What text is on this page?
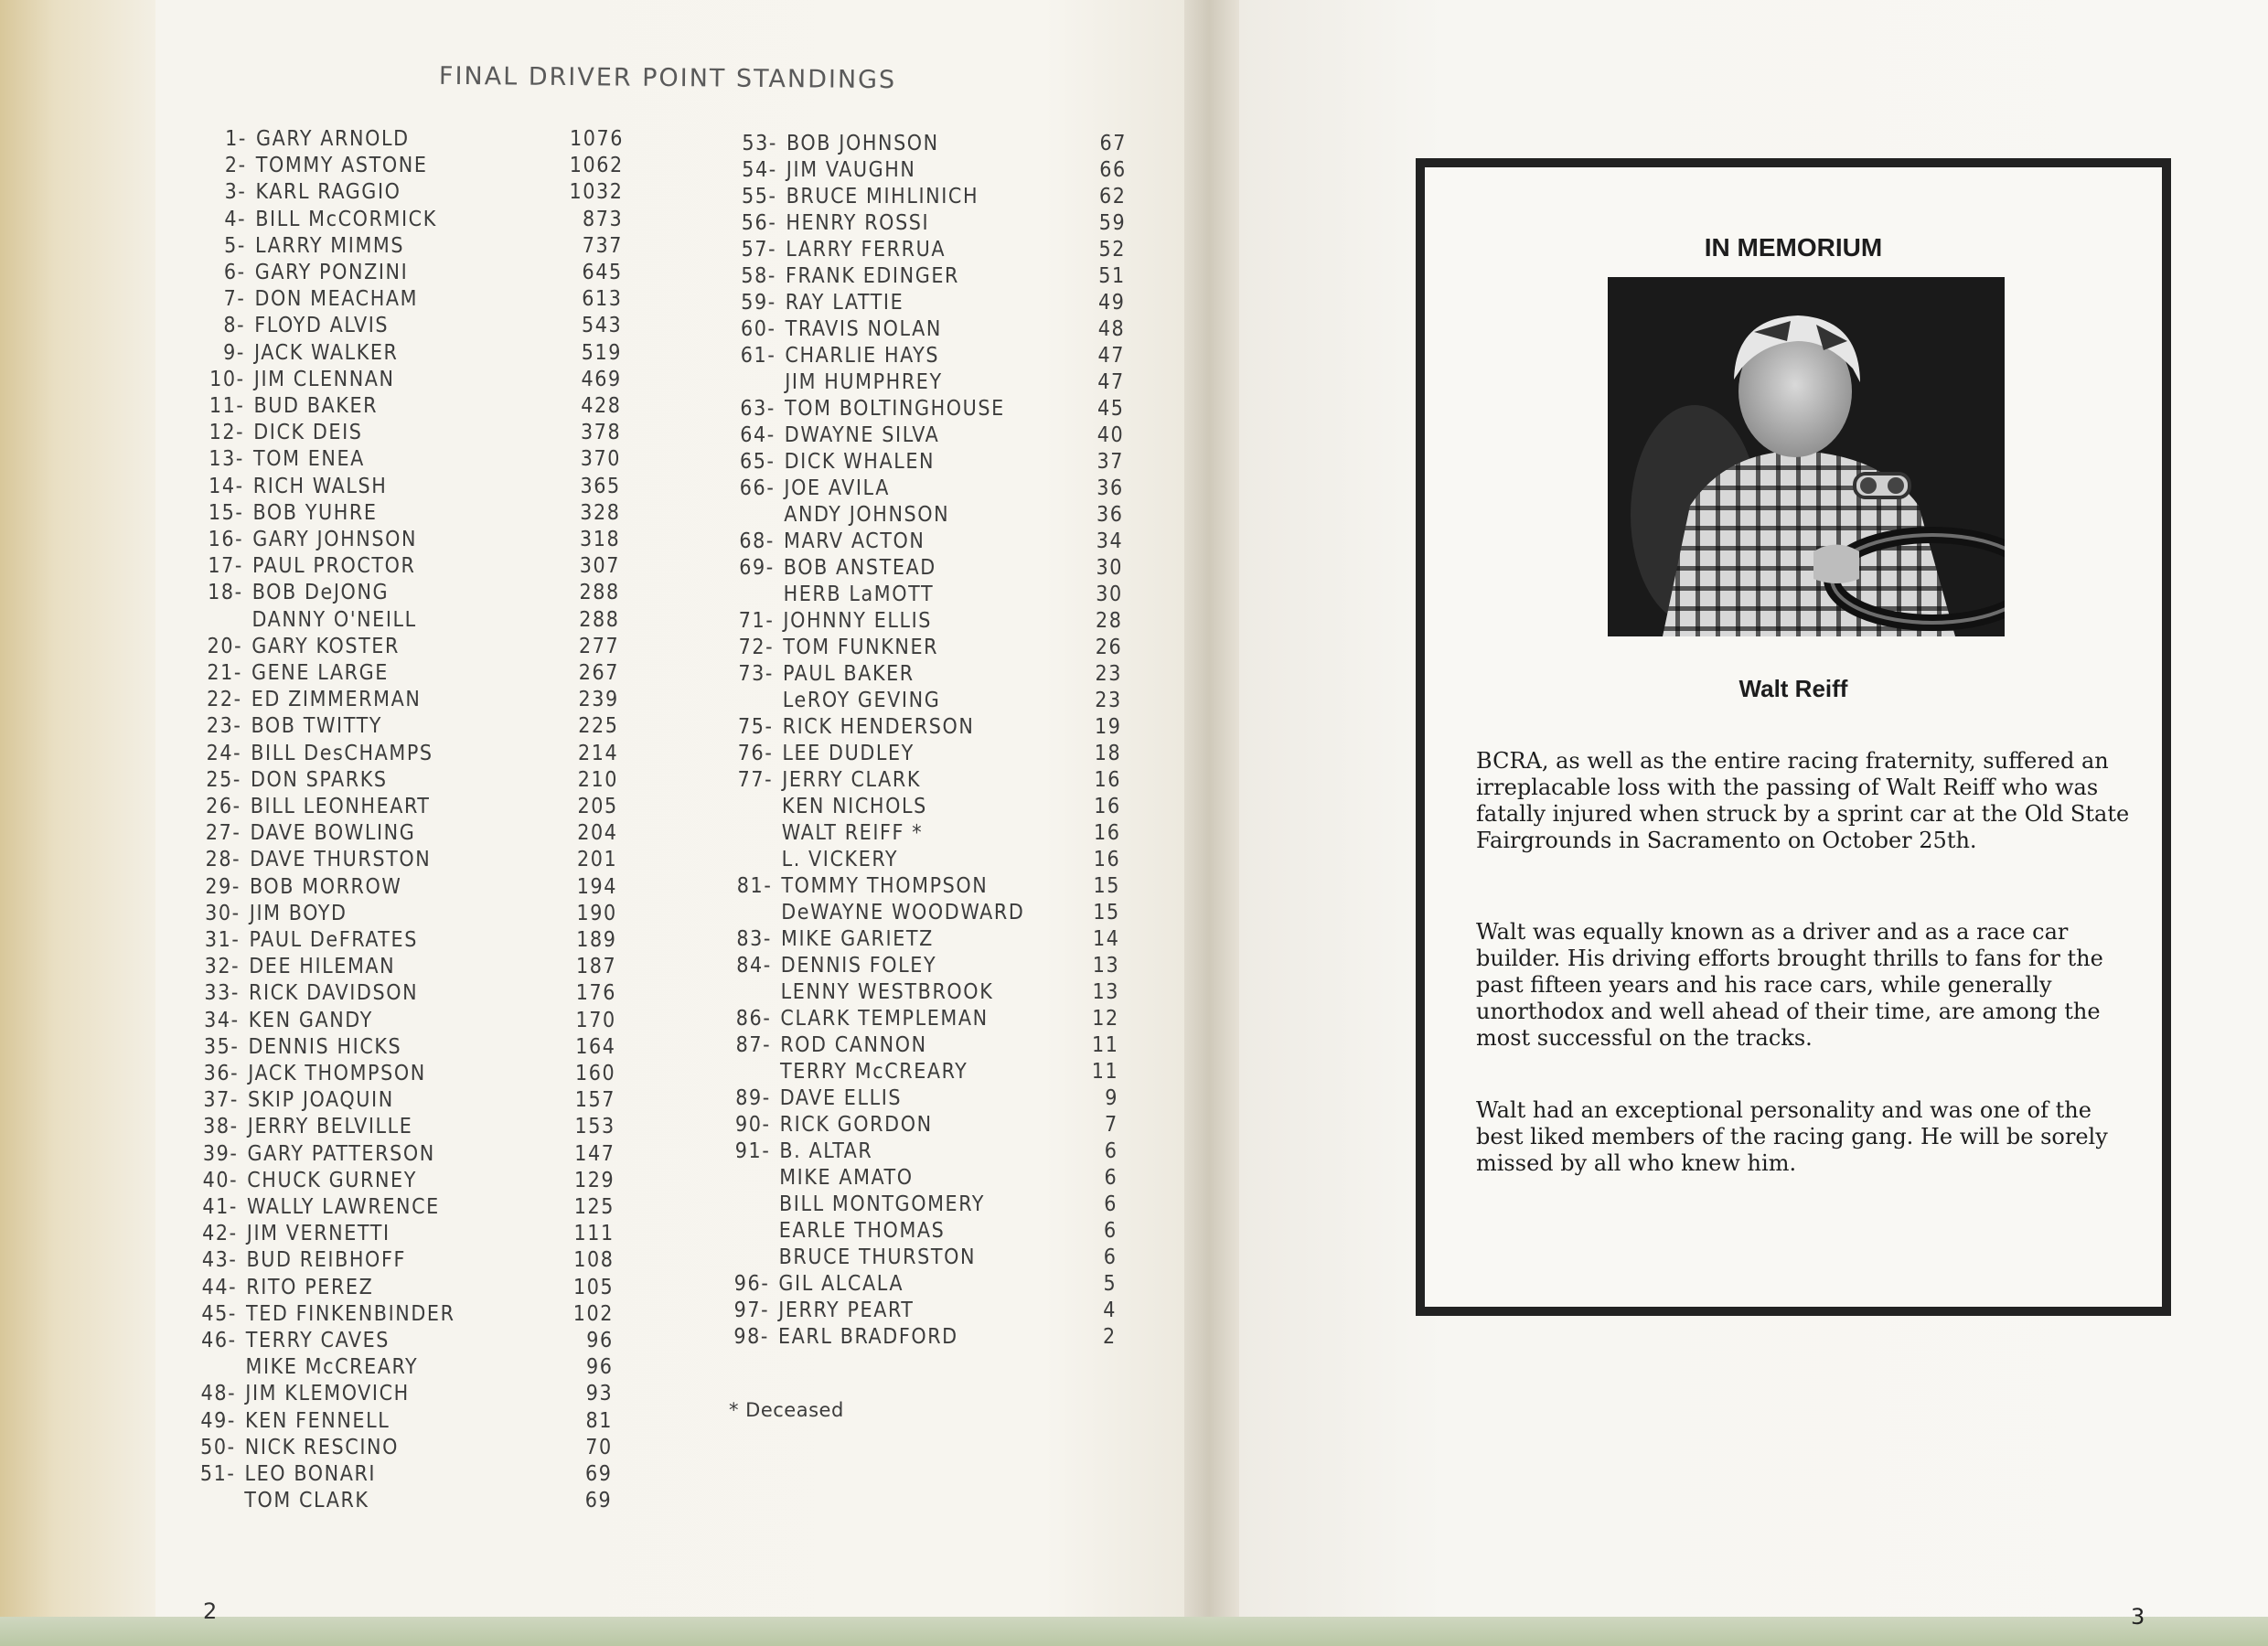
FINAL DRIVER POINT STANDINGS
1- GARY ARNOLD	1076
2- TOMMY ASTONE	1062
3- KARL RAGGIO	1032
4- BILL McCORMICK	873
5- LARRY MIMMS	737
6- GARY PONZINI	645
7- DON MEACHAM	613
8- FLOYD ALVIS	543
9- JACK WALKER	519
10- JIM CLENNAN	469
11- BUD BAKER	428
12- DICK DEIS	378
13- TOM ENEA	370
14- RICH WALSH	365
15- BOB YUHRE	328
16- GARY JOHNSON	318
17- PAUL PROCTOR	307
18- BOB DeJONG	288
DANNY O'NEILL	288
20- GARY KOSTER	277
21- GENE LARGE	267
22- ED ZIMMERMAN	239
23- BOB TWITTY	225
24- BILL DesCHAMPS	214
25- DON SPARKS	210
26- BILL LEONHEART	205
27- DAVE BOWLING	204
28- DAVE THURSTON	201
29- BOB MORROW	194
30- JIM BOYD	190
31- PAUL DeFRATES	189
32- DEE HILEMAN	187
33- RICK DAVIDSON	176
34- KEN GANDY	170
35- DENNIS HICKS	164
36- JACK THOMPSON	160
37- SKIP JOAQUIN	157
38- JERRY BELVILLE	153
39- GARY PATTERSON	147
40- CHUCK GURNEY	129
41- WALLY LAWRENCE	125
42- JIM VERNETTI	111
43- BUD REIBHOFF	108
44- RITO PEREZ	105
45- TED FINKENBINDER	102
46- TERRY CAVES	96
MIKE McCREARY	96
48- JIM KLEMOVICH	93
49- KEN FENNELL	81
50- NICK RESCINO	70
51- LEO BONARI	69
TOM CLARK	69
53- BOB JOHNSON	67
54- JIM VAUGHN	66
55- BRUCE MIHLINICH	62
56- HENRY ROSSI	59
57- LARRY FERRUA	52
58- FRANK EDINGER	51
59- RAY LATTIE	49
60- TRAVIS NOLAN	48
61- CHARLIE HAYS	47
JIM HUMPHREY	47
63- TOM BOLTINGHOUSE	45
64- DWAYNE SILVA	40
65- DICK WHALEN	37
66- JOE AVILA	36
ANDY JOHNSON	36
68- MARV ACTON	34
69- BOB ANSTEAD	30
HERB LaMOTT	30
71- JOHNNY ELLIS	28
72- TOM FUNKNER	26
73- PAUL BAKER	23
LeROY GEVING	23
75- RICK HENDERSON	19
76- LEE DUDLEY	18
77- JERRY CLARK	16
KEN NICHOLS	16
WALT REIFF *	16
L. VICKERY	16
81- TOMMY THOMPSON	15
DeWAYNE WOODWARD	15
83- MIKE GARIETZ	14
84- DENNIS FOLEY	13
LENNY WESTBROOK	13
86- CLARK TEMPLEMAN	12
87- ROD CANNON	11
TERRY McCREARY	11
89- DAVE ELLIS	9
90- RICK GORDON	7
91- B. ALTAR	6
MIKE AMATO	6
BILL MONTGOMERY	6
EARLE THOMAS	6
BRUCE THURSTON	6
96- GIL ALCALA	5
97- JERRY PEART	4
98- EARL BRADFORD	2
* Deceased
2	3
IN MEMORIUM
Walt Reiff

BCRA, as well as the entire racing fraternity, suffered an irreplacable loss with the passing of Walt Reiff who was fatally injured when struck by a sprint car at the Old State Fairgrounds in Sacramento on October 25th.

Walt was equally known as a driver and as a race car builder. His driving efforts brought thrills to fans for the past fifteen years and his race cars, while generally unorthodox and well ahead of their time, are among the most successful on the tracks.

Walt had an exceptional personality and was one of the best liked members of the racing gang. He will be sorely missed by all who knew him.
